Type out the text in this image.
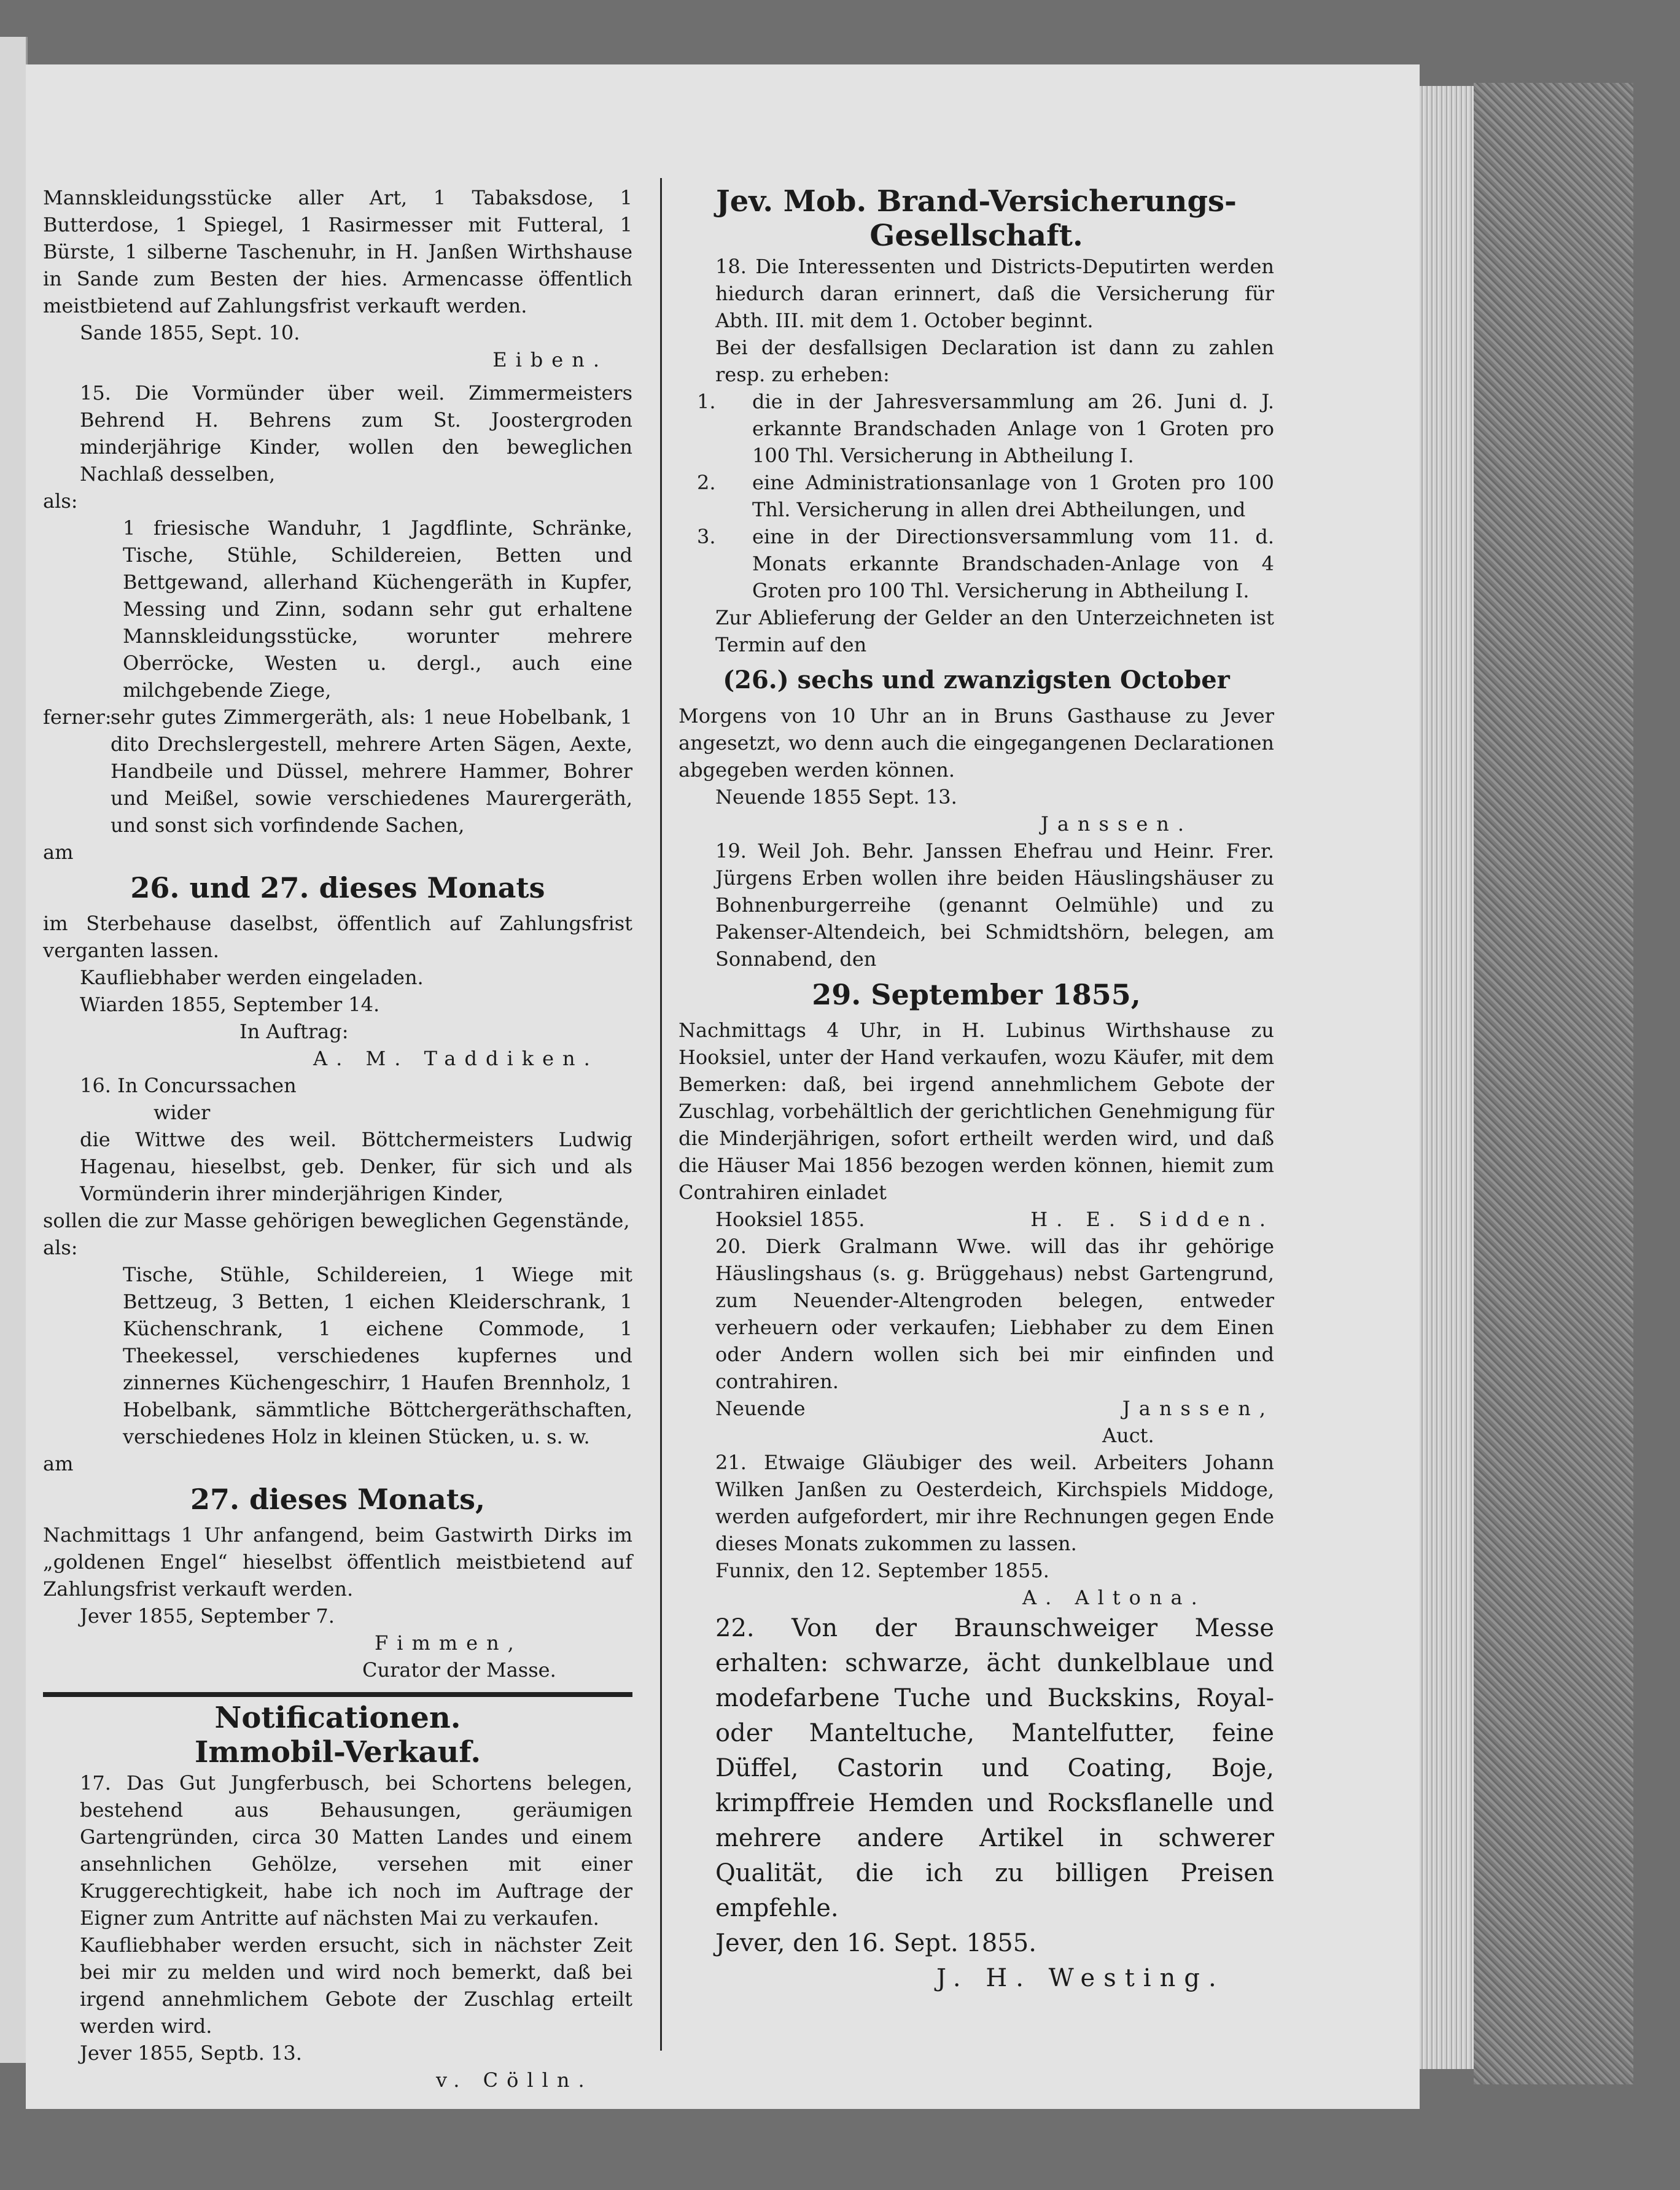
Mannskleidungsstücke aller Art, 1 Tabaksdose, 1 Butterdose, 1 Spiegel, 1 Rasirmesser mit Futteral, 1 Bürste, 1 silberne Taschenuhr, in H. Janßen Wirthshause in Sande zum Besten der hies. Armencasse öffentlich meistbietend auf Zahlungsfrist verkauft werden.

Sande 1855, Sept. 10.

Eiben.

15. Die Vormünder über weil. Zimmermeisters Behrend H. Behrens zum St. Joostergroden minderjährige Kinder, wollen den beweglichen Nachlaß desselben,

als:

1 friesische Wanduhr, 1 Jagdflinte, Schränke, Tische, Stühle, Schildereien, Betten und Bettgewand, allerhand Küchengeräth in Kupfer, Messing und Zinn, sodann sehr gut erhaltene Mannskleidungsstücke, worunter mehrere Oberröcke, Westen u. dergl., auch eine milchgebende Ziege,

ferner:

sehr gutes Zimmergeräth, als: 1 neue Hobelbank, 1 dito Drechslergestell, mehrere Arten Sägen, Aexte, Handbeile und Düssel, mehrere Hammer, Bohrer und Meißel, sowie verschiedenes Maurergeräth, und sonst sich vorfindende Sachen,

am

26. und 27. dieses Monats

im Sterbehause daselbst, öffentlich auf Zahlungsfrist verganten lassen.

Kaufliebhaber werden eingeladen.

Wiarden 1855, September 14.

In Auftrag:

A. M. Taddiken.

16. In Concurssachen

wider

die Wittwe des weil. Böttchermeisters Ludwig Hagenau, hieselbst, geb. Denker, für sich und als Vormünderin ihrer minderjährigen Kinder,

sollen die zur Masse gehörigen beweglichen Gegenstände,

als:

Tische, Stühle, Schildereien, 1 Wiege mit Bettzeug, 3 Betten, 1 eichen Kleiderschrank, 1 Küchenschrank, 1 eichene Commode, 1 Theekessel, verschiedenes kupfernes und zinnernes Küchengeschirr, 1 Haufen Brennholz, 1 Hobelbank, sämmtliche Böttchergeräthschaften, verschiedenes Holz in kleinen Stücken, u. s. w.

am

27. dieses Monats,

Nachmittags 1 Uhr anfangend, beim Gastwirth Dirks im „goldenen Engel“ hieselbst öffentlich meistbietend auf Zahlungsfrist verkauft werden.

Jever 1855, September 7.

Fimmen,

Curator der Masse.

Notificationen.

Immobil-Verkauf.

17. Das Gut Jungferbusch, bei Schortens belegen, bestehend aus Behausungen, geräumigen Gartengründen, circa 30 Matten Landes und einem ansehnlichen Gehölze, versehen mit einer Kruggerechtigkeit, habe ich noch im Auftrage der Eigner zum Antritte auf nächsten Mai zu verkaufen.

Kaufliebhaber werden ersucht, sich in nächster Zeit bei mir zu melden und wird noch bemerkt, daß bei irgend annehmlichem Gebote der Zuschlag erteilt werden wird.

Jever 1855, Septb. 13.

v. Cölln.

Jev. Mob. Brand-Versicherungs-

Gesellschaft.

18. Die Interessenten und Districts-Deputirten werden hiedurch daran erinnert, daß die Versicherung für Abth. III. mit dem 1. October beginnt.

Bei der desfallsigen Declaration ist dann zu zahlen resp. zu erheben:

1.	die in der Jahresversammlung am 26. Juni d. J. erkannte Brandschaden Anlage von 1 Groten pro 100 Thl. Versicherung in Abtheilung I.

2.	eine Administrationsanlage von 1 Groten pro 100 Thl. Versicherung in allen drei Abtheilungen, und

3.	eine in der Directionsversammlung vom 11. d. Monats erkannte Brandschaden-Anlage von 4 Groten pro 100 Thl. Versicherung in Abtheilung I.

Zur Ablieferung der Gelder an den Unterzeichneten ist Termin auf den

(26.) sechs und zwanzigsten October

Morgens von 10 Uhr an in Bruns Gasthause zu Jever angesetzt, wo denn auch die eingegangenen Declarationen abgegeben werden können.

Neuende 1855 Sept. 13.

Janssen.

19. Weil Joh. Behr. Janssen Ehefrau und Heinr. Frer. Jürgens Erben wollen ihre beiden Häuslingshäuser zu Bohnenburgerreihe (genannt Oelmühle) und zu Pakenser-Altendeich, bei Schmidtshörn, belegen, am Sonnabend, den

29. September 1855,

Nachmittags 4 Uhr, in H. Lubinus Wirthshause zu Hooksiel, unter der Hand verkaufen, wozu Käufer, mit dem Bemerken: daß, bei irgend annehmlichem Gebote der Zuschlag, vorbehältlich der gerichtlichen Genehmigung für die Minderjährigen, sofort ertheilt werden wird, und daß die Häuser Mai 1856 bezogen werden können, hiemit zum Contrahiren einladet

Hooksiel 1855.	H. E. Sidden.

20. Dierk Gralmann Wwe. will das ihr gehörige Häuslingshaus (s. g. Brüggehaus) nebst Gartengrund, zum Neuender-Altengroden belegen, entweder verheuern oder verkaufen; Liebhaber zu dem Einen oder Andern wollen sich bei mir einfinden und contrahiren.

Neuende	Janssen,

Auct.

21. Etwaige Gläubiger des weil. Arbeiters Johann Wilken Janßen zu Oesterdeich, Kirchspiels Middoge, werden aufgefordert, mir ihre Rechnungen gegen Ende dieses Monats zukommen zu lassen.

Funnix, den 12. September 1855.

A. Altona.

22. Von der Braunschweiger Messe erhalten: schwarze, ächt dunkelblaue und modefarbene Tuche und Buckskins, Royal- oder Manteltuche, Mantelfutter, feine Düffel, Castorin und Coating, Boje, krimpffreie Hemden und Rocksflanelle und mehrere andere Artikel in schwerer Qualität, die ich zu billigen Preisen empfehle.

Jever, den 16. Sept. 1855.

J. H. Westing.
